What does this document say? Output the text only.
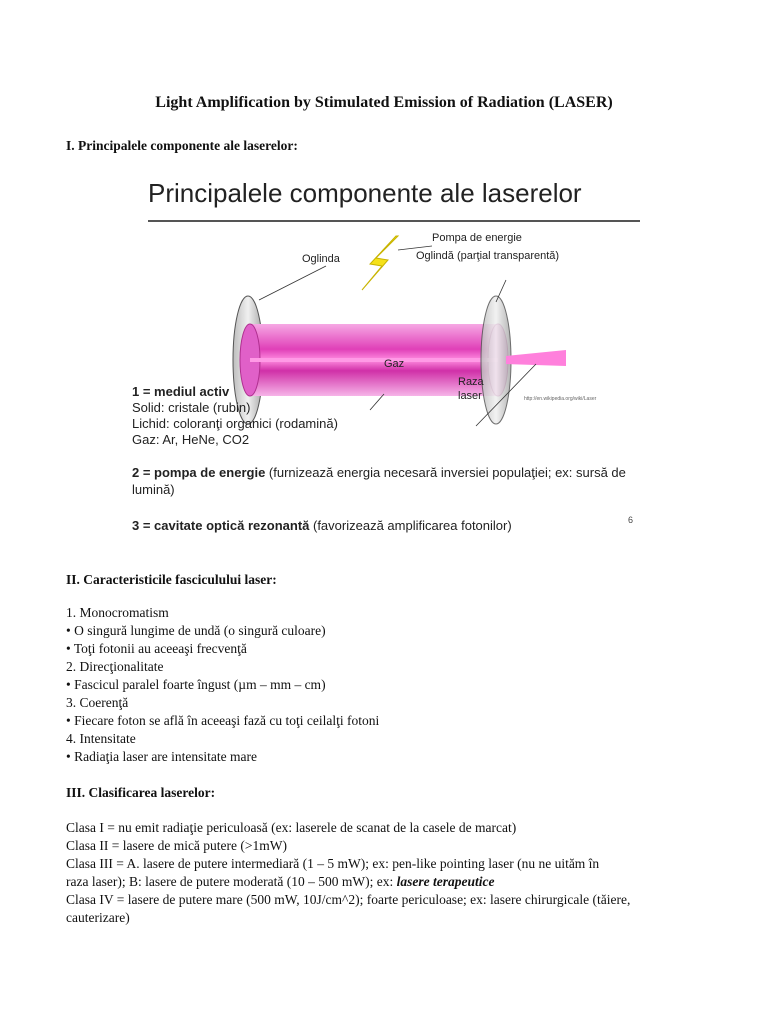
Light Amplification by Stimulated Emission of Radiation (LASER)
I. Principalele componente ale laserelor:
Principalele componente ale laserelor
Pompa de energie
Oglinda	Oglindă (parţial transparentă)
Gaz
Raza
laser	http://en.wikipedia.org/wiki/Laser
1 = mediul activ
Solid: cristale (rubin)
Lichid: coloranţi organici (rodamină)
Gaz: Ar, HeNe, CO2
2 = pompa de energie (furnizează energia necesară inversiei populaţiei; ex: sursă de lumină)
3 = cavitate optică rezonantă (favorizează amplificarea fotonilor)	6
II. Caracteristicile fasciculului laser:
1. Monocromatism
• O singură lungime de undă (o singură culoare)
• Toţi fotonii au aceeaşi frecvenţă
2. Direcţionalitate
• Fascicul paralel foarte îngust (µm – mm – cm)
3. Coerenţă
• Fiecare foton se află în aceeaşi fază cu toţi ceilalţi fotoni
4. Intensitate
• Radiaţia laser are intensitate mare
III. Clasificarea laserelor:
Clasa I = nu emit radiaţie periculoasă (ex: laserele de scanat de la casele de marcat)
Clasa II = lasere de mică putere (>1mW)
Clasa III = A. lasere de putere intermediară (1 – 5 mW); ex: pen-like pointing laser (nu ne uităm în
raza laser); B: lasere de putere moderată (10 – 500 mW); ex: lasere terapeutice
Clasa IV = lasere de putere mare (500 mW, 10J/cm^2); foarte periculoase; ex: lasere chirurgicale (tăiere,
cauterizare)
